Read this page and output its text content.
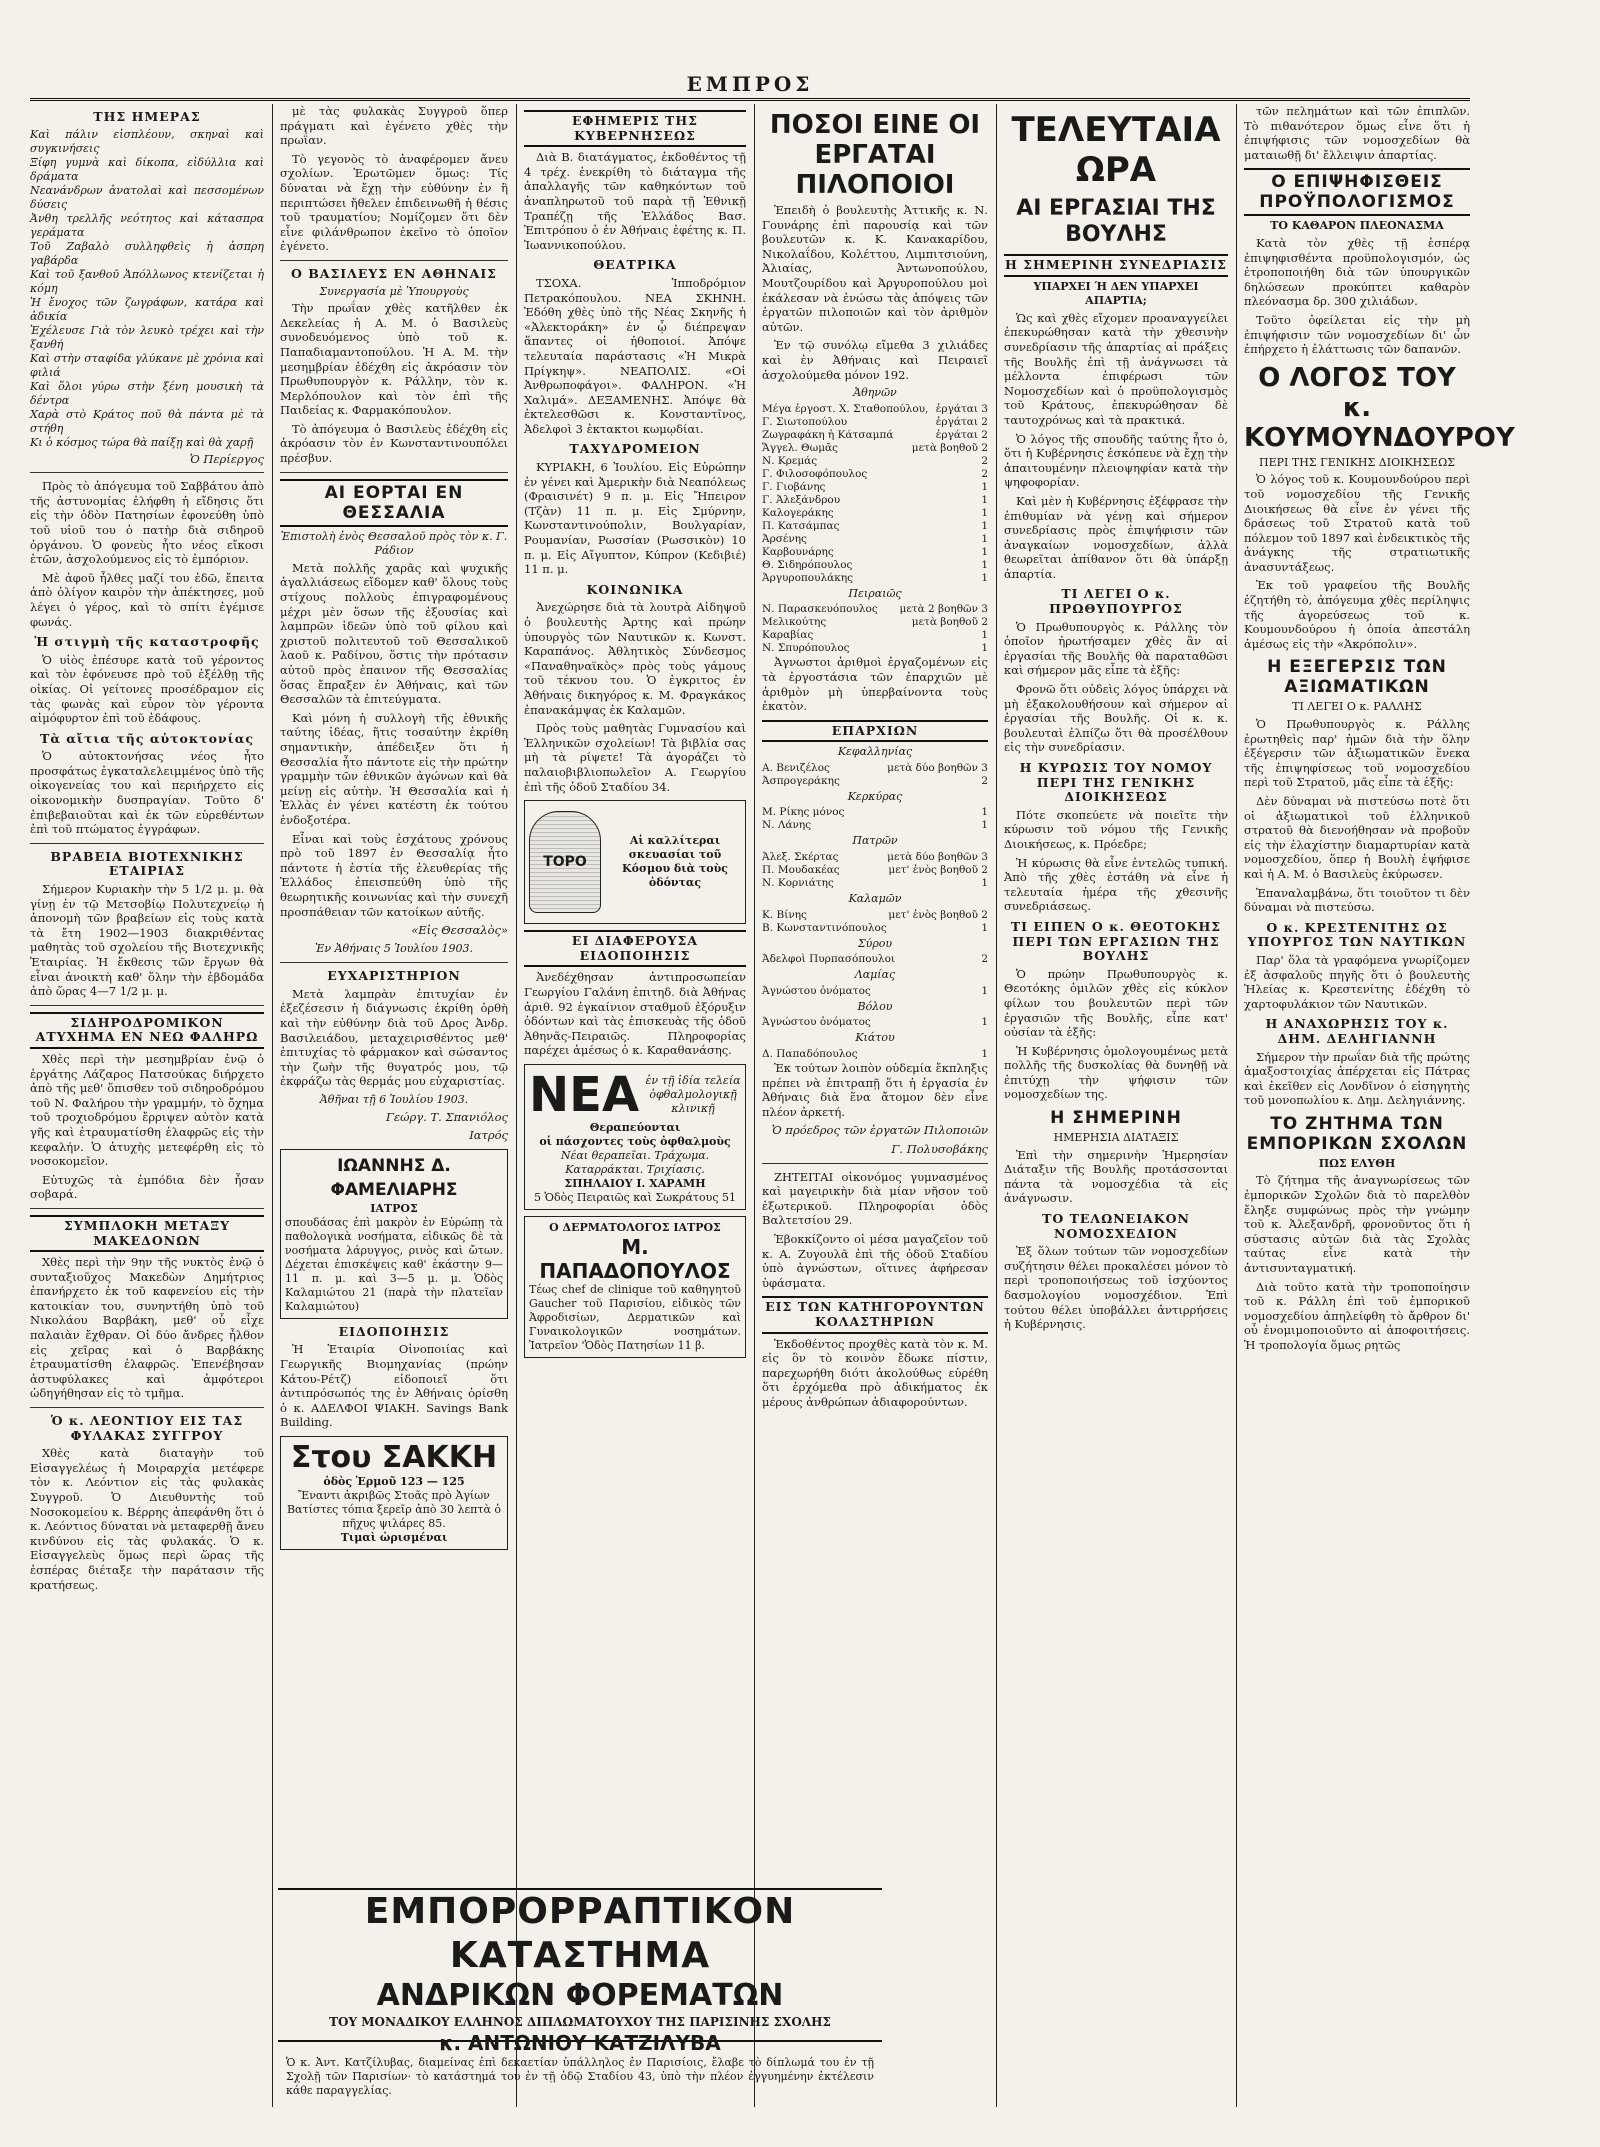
ΕΜΠΡΟΣ
ΤΗΣ ΗΜΕΡΑΣ
Καὶ πάλιν εἰσπλέουν, σκηναὶ καὶ συγκινήσεις
Ξίφη γυμνὰ καὶ δίκοπα, εἰδύλλια καὶ δράματα
Νεανάνδρων ἀνατολαὶ καὶ πεσσομένων δύσεις
Ἀνθη τρελλῆς νεότητος καὶ κάτασπρα γεράματα
Τοῦ Ζαβαλὸ συλληφθεὶς ἡ ἀσπρη γαβάρδα
Καὶ τοῦ ξανθοῦ Ἀπόλλωνος κτενίζεται ἡ κόμη
Ἡ ἔνοχος τῶν ζωγράφων, κατάρα καὶ ἀδικία
Ἐχέλευσε Γιὰ τὸν λευκὸ τρέχει καὶ τὴν ξανθή
Καὶ στὴν σταφίδα γλύκανε μὲ χρόνια καὶ φιλιά
Καὶ ὅλοι γύρω στὴν ξένη μουσικὴ τὰ δέντρα
Χαρὰ στὸ Κράτος ποῦ θὰ πάντα μὲ τὰ στήθη
Κι ὁ κόσμος τώρα θὰ παίξῃ καὶ θὰ χαρῇ
Ὁ Περίεργος

Πρὸς τὸ ἀπόγευμα τοῦ Σαββάτου ἀπὸ τῆς ἀστυνομίας ἐλήφθη ἡ εἴδησις ὅτι εἰς τὴν ὁδὸν Πατησίων ἐφονεύθη ὑπὸ τοῦ υἱοῦ του ὁ πατὴρ διὰ σιδηροῦ ὀργάνου. Ὁ φονεὺς ἦτο νέος εἴκοσι ἐτῶν, ἀσχολούμενος εἰς τὸ ἐμπόριον.

Μὲ ἀφοῦ ἦλθες μαζί του ἐδῶ, ἔπειτα ἀπὸ ὀλίγον καιρὸν τὴν ἀπέκτησες, μοῦ λέγει ὁ γέρος, καὶ τὸ σπίτι ἐγέμισε φωνάς.

Ἡ στιγμὴ τῆς καταστροφῆς

Ὁ υἱὸς ἐπέσυρε κατὰ τοῦ γέροντος καὶ τὸν ἐφόνευσε πρὸ τοῦ ἐξέλθῃ τῆς οἰκίας. Οἱ γείτονες προσέδραμον εἰς τὰς φωνὰς καὶ εὗρον τὸν γέροντα αἱμόφυρτον ἐπὶ τοῦ ἐδάφους.

Τὰ αἴτια τῆς αὐτοκτονίας

Ὁ αὐτοκτονήσας νέος ἦτο προσφάτως ἐγκαταλελειμμένος ὑπὸ τῆς οἰκογενείας του καὶ περιήρχετο εἰς οἰκονομικὴν δυσπραγίαν. Τοῦτο δ' ἐπιβεβαιοῦται καὶ ἐκ τῶν εὑρεθέντων ἐπὶ τοῦ πτώματος ἐγγράφων.

ΒΡΑΒΕΙΑ ΒΙΟΤΕΧΝΙΚΗΣ ΕΤΑΙΡΙΑΣ

Σήμερον Κυριακὴν τὴν 5 1/2 μ. μ. θὰ γίνῃ ἐν τῷ Μετσοβίῳ Πολυτεχνείῳ ἡ ἀπονομὴ τῶν βραβείων εἰς τοὺς κατὰ τὰ ἔτη 1902—1903 διακριθέντας μαθητὰς τοῦ σχολείου τῆς Βιοτεχνικῆς Ἑταιρίας. Ἡ ἔκθεσις τῶν ἔργων θὰ εἶναι ἀνοικτὴ καθ' ὅλην τὴν ἑβδομάδα ἀπὸ ὥρας 4—7 1/2 μ. μ.

ΣΙΔΗΡΟΔΡΟΜΙΚΟΝ ΑΤΥΧΗΜΑ ΕΝ ΝΕΩ ΦΑΛΗΡΩ

Χθὲς περὶ τὴν μεσημβρίαν ἐνῷ ὁ ἐργάτης Λάζαρος Πατσούκας διήρχετο ἀπὸ τῆς μεθ' ὅπισθεν τοῦ σιδηροδρόμου τοῦ Ν. Φαλήρου τὴν γραμμήν, τὸ ὄχημα τοῦ τροχιοδρόμου ἔρριψεν αὐτὸν κατὰ γῆς καὶ ἐτραυματίσθη ἐλαφρῶς εἰς τὴν κεφαλήν. Ὁ ἀτυχὴς μετεφέρθη εἰς τὸ νοσοκομεῖον.

Εὐτυχῶς τὰ ἐμπόδια δὲν ἦσαν σοβαρά.

ΣΥΜΠΛΟΚΗ ΜΕΤΑΞΥ ΜΑΚΕΔΟΝΩΝ

Χθὲς περὶ τὴν 9ην τῆς νυκτὸς ἐνῷ ὁ συνταξιοῦχος Μακεδὼν Δημήτριος ἐπανήρχετο ἐκ τοῦ καφενείου εἰς τὴν κατοικίαν του, συνηντήθη ὑπὸ τοῦ Νικολάου Βαρβάκη, μεθ' οὗ εἶχε παλαιὰν ἔχθραν. Οἱ δύο ἄνδρες ἦλθον εἰς χεῖρας καὶ ὁ Βαρβάκης ἐτραυματίσθη ἐλαφρῶς. Ἐπενέβησαν ἀστυφύλακες καὶ ἀμφότεροι ὡδηγήθησαν εἰς τὸ τμῆμα.

Ὁ κ. ΛΕΟΝΤΙΟΥ ΕΙΣ ΤΑΣ ΦΥΛΑΚΑΣ ΣΥΓΓΡΟΥ

Χθὲς κατὰ διαταγὴν τοῦ Εἰσαγγελέως ἡ Μοιραρχία μετέφερε τὸν κ. Λεόντιον εἰς τὰς φυλακὰς Συγγροῦ. Ὁ Διευθυντὴς τοῦ Νοσοκομείου κ. Βέρρης ἀπεφάνθη ὅτι ὁ κ. Λεόντιος δύναται νὰ μεταφερθῇ ἄνευ κινδύνου εἰς τὰς φυλακάς. Ὁ κ. Εἰσαγγελεὺς ὅμως περὶ ὥρας τῆς ἐσπέρας διέταξε τὴν παράτασιν τῆς κρατήσεως.

μὲ τὰς φυλακὰς Συγγροῦ ὅπερ πράγματι καὶ ἐγένετο χθὲς τὴν πρωΐαν.

Τὸ γεγονὸς τὸ ἀναφέρομεν ἄνευ σχολίων. Ἐρωτῶμεν ὅμως: Τίς δύναται νὰ ἔχῃ τὴν εὐθύνην ἐν ἢ περιπτώσει ἤθελεν ἐπιδεινωθῆ ἡ θέσις τοῦ τραυματίου; Νομίζομεν ὅτι δὲν εἶνε φιλάνθρωπον ἐκεῖνο τὸ ὁποῖον ἐγένετο.

Ο ΒΑΣΙΛΕΥΣ ΕΝ ΑΘΗΝΑΙΣ
Συνεργασία μὲ Ὑπουργοὺς

Τὴν πρωΐαν χθὲς κατῆλθεν ἐκ Δεκελείας ἡ Α. Μ. ὁ Βασιλεὺς συνοδευόμενος ὑπὸ τοῦ κ. Παπαδιαμαντοπούλου. Ἡ Α. Μ. τὴν μεσημβρίαν ἐδέχθη εἰς ἀκρόασιν τὸν Πρωθυπουργὸν κ. Ράλλην, τὸν κ. Μερλόπουλον καὶ τὸν ἐπὶ τῆς Παιδείας κ. Φαρμακόπουλον.

Τὸ ἀπόγευμα ὁ Βασιλεὺς ἐδέχθη εἰς ἀκρόασιν τὸν ἐν Κωνσταντινουπόλει πρέσβυν.

ΑΙ ΕΟΡΤΑΙ ΕΝ ΘΕΣΣΑΛΙΑ
Ἐπιστολὴ ἐνὸς Θεσσαλοῦ πρὸς τὸν κ. Γ. Ράδιον

Μετὰ πολλῆς χαρᾶς καὶ ψυχικῆς ἀγαλλιάσεως εἴδομεν καθ' ὅλους τοὺς στίχους πολλοὺς ἐπιγραφομένους μέχρι μὲν ὅσων τῆς ἐξουσίας καὶ λαμπρῶν ἰδεῶν ὑπὸ τοῦ φίλου καὶ χριστοῦ πολιτευτοῦ τοῦ Θεσσαλικοῦ λαοῦ κ. Ραδίνου, ὅστις τὴν πρότασιν αὐτοῦ πρὸς ἐπαινον τῆς Θεσσαλίας ὅσας ἔπραξεν ἐν Ἀθήναις, καὶ τῶν Θεσσαλῶν τὰ ἐπιτεύγματα.

Καὶ μόνη ἡ συλλογὴ τῆς ἐθνικῆς ταύτης ἰδέας, ἥτις τοσαύτην ἐκρίθη σημαντικὴν, ἀπέδειξεν ὅτι ἡ Θεσσαλία ἦτο πάντοτε εἰς τὴν πρώτην γραμμὴν τῶν ἐθνικῶν ἀγώνων καὶ θὰ μείνῃ εἰς αὐτὴν. Ἡ Θεσσαλία καὶ ἡ Ἑλλὰς ἐν γένει κατέστη ἐκ τούτου ἐνδοξοτέρα.

Εἶναι καὶ τοὺς ἐσχάτους χρόνους πρὸ τοῦ 1897 ἐν Θεσσαλίᾳ ἦτο πάντοτε ἡ ἑστία τῆς ἐλευθερίας τῆς Ἑλλάδος ἐπεισπεύθη ὑπὸ τῆς θεωρητικῆς κοινωνίας καὶ τὴν συνεχῆ προσπάθειαν τῶν κατοίκων αὐτῆς.

«Εἰς Θεσσαλὸς»
Ἐν Ἀθήναις 5 Ἰουλίου 1903.
ΕΥΧΑΡΙΣΤΗΡΙΟΝ

Μετὰ λαμπρὰν ἐπιτυχίαν ἐν ἐξεζέσεσιν ἡ διάγνωσις ἐκρίθη ὀρθὴ καὶ τὴν εὐθύνην διὰ τοῦ Δρος Ἀνδρ. Βασιλειάδου, μεταχειρισθέντος μεθ' ἐπιτυχίας τὸ φάρμακον καὶ σώσαντος τὴν ζωὴν τῆς θυγατρός μου, τῷ ἐκφράζω τὰς θερμάς μου εὐχαριστίας.

Ἀθῆναι τῇ 6 Ἰουλίου 1903.
Γεώργ. Τ. Σπανιόλος
Ιατρός
ΙΩΑΝΝΗΣ Δ. ΦΑΜΕΛΙΑΡΗΣ
ΙΑΤΡΟΣ
σπουδάσας ἐπὶ μακρὸν ἐν Εὐρώπῃ τὰ παθολογικὰ νοσήματα, εἰδικῶς δὲ τὰ νοσήματα λάρυγγος, ρινὸς καὶ ὤτων. Δέχεται ἐπισκέψεις καθ' ἑκάστην 9—11 π. μ. καὶ 3—5 μ. μ. Ὁδὸς Καλαμιώτου 21 (παρὰ τὴν πλατεῖαν Καλαμιώτου)
ΕΙΔΟΠΟΙΗΣΙΣ

Ἡ Ἑταιρία Οἰνοποιίας καὶ Γεωργικῆς Βιομηχανίας (πρώην Κάτου-Ρέτζ) εἰδοποιεῖ ὅτι ἀντιπρόσωπός της ἐν Ἀθήναις ὁρίσθη ὁ κ. ΑΔΕΛΦΟΙ ΨΙΑΚΗ. Savings Bank Building.

Στου ΣΑΚΚΗ
ὁδὸς Ἑρμοῦ 123 — 125
Ἔναντι ἀκριβῶς Στοᾶς πρὸ Ἀγίων
Βατίστες τόπια ξερεῖρ ἀπὸ 30 λεπτὰ ὁ πῆχυς ψιλάρες 85.
Τιμαὶ ὡρισμέναι
ΕΦΗΜΕΡΙΣ ΤΗΣ ΚΥΒΕΡΝΗΣΕΩΣ

Διὰ Β. διατάγματος, ἐκδοθέντος τῇ 4 τρέχ. ἐνεκρίθη τὸ διάταγμα τῆς ἀπαλλαγῆς τῶν καθηκόντων τοῦ ἀναπληρωτοῦ τοῦ παρὰ τῇ Ἐθνικῇ Τραπέζῃ τῆς Ἑλλάδος Βασ. Ἐπιτρόπου ὁ ἐν Ἀθήναις ἐφέτης κ. Π. Ἰωαννικοπούλου.

ΘΕΑΤΡΙΚΑ

ΤΣΟΧΑ. Ἱπποδρόμιον Πετρακόπουλου. ΝΕΑ ΣΚΗΝΗ. Ἐδόθη χθὲς ὑπὸ τῆς Νέας Σκηνῆς ἡ «Ἀλεκτοράκη» ἐν ᾧ διέπρεψαν ἅπαντες οἱ ἠθοποιοί. Ἀπόψε τελευταία παράστασις «Ἡ Μικρὰ Πρίγκηψ». ΝΕΑΠΟΛΙΣ. «Οἱ Ἀνθρωποφάγοι». ΦΑΛΗΡΟΝ. «Ἡ Χαλιμά». ΔΕΞΑΜΕΝΗΣ. Ἀπόψε θὰ ἐκτελεσθῶσι κ. Κονσταντῖνος, Ἀδελφοὶ 3 ἐκτακτοι κωμῳδίαι.

ΤΑΧΥΔΡΟΜΕΙΟΝ

ΚΥΡΙΑΚΗ, 6 Ἰουλίου. Εἰς Εὐρώπην ἐν γένει καὶ Ἀμερικὴν διὰ Νεαπόλεως (Φραισινέτ) 9 π. μ. Εἰς Ἤπειρον (Τζὰν) 11 π. μ. Εἰς Σμύρνην, Κωνσταντινούπολιν, Βουλγαρίαν, Ρουμανίαν, Ρωσσίαν (Ρωσσικὸν) 10 π. μ. Εἰς Αἴγυπτον, Κύπρον (Κεδιβιέ) 11 π. μ.

ΚΟΙΝΩΝΙΚΑ

Ἀνεχώρησε διὰ τὰ λουτρὰ Αἰδηψοῦ ὁ βουλευτὴς Ἀρτης καὶ πρώην ὑπουργὸς τῶν Ναυτικῶν κ. Κωνστ. Καραπάνος. Ἀθλητικὸς Σύνδεσμος «Παναθηναϊκὸς» πρὸς τοὺς γάμους τοῦ τέκνου του. Ὁ ἐγκριτος ἐν Ἀθήναις δικηγόρος κ. Μ. Φραγκάκος ἐπανακάμψας ἐκ Καλαμῶν.

Πρὸς τοὺς μαθητὰς Γυμνασίου καὶ Ἑλληνικῶν σχολείων! Τὰ βιβλία σας μὴ τὰ ρίψετε! Τὰ ἀγοράζει τὸ παλαιοβιβλιοπωλεῖον Α. Γεωργίου ἐπὶ τῆς ὁδοῦ Σταδίου 34.

ΤΟΡΟ
Αἱ καλλίτεραι σκευασίαι τοῦ Κόσμου διὰ τοὺς ὀδόντας
ΕΙ ΔΙΑΦΕΡΟΥΣΑ ΕΙΔΟΠΟΙΗΣΙΣ

Ἀνεδέχθησαν ἀντιπροσωπείαν Γεωργίου Γαλάνη ἐπιτηδ. διὰ Ἀθήνας ἀριθ. 92 ἐγκαίνιον σταθμοῦ ἐξόρυξιν ὀδόντων καὶ τὰς ἐπισκευὰς τῆς ὁδοῦ Ἀθηνᾶς-Πειραιῶς. Πληροφορίας παρέχει ἀμέσως ὁ κ. Καραθανάσης.

ΝΕΑ ἐν τῇ ἰδία τελεία ὀφθαλμολογικῇ κλινικῇ
Θεραπεύονται
οἱ πάσχοντες τοὺς ὀφθαλμοὺς
Νέαι θεραπεῖαι. Τράχωμα. Καταρράκται. Τριχίασις.
ΣΠΗΛΑΙΟΥ Ι. ΧΑΡΑΜΗ
5 Ὁδὸς Πειραιῶς καὶ Σωκράτους 51
Ο ΔΕΡΜΑΤΟΛΟΓΟΣ ΙΑΤΡΟΣ
Μ. ΠΑΠΑΔΟΠΟΥΛΟΣ
Τέως chef de clinique τοῦ καθηγητοῦ Gaucher τοῦ Παρισίου, εἰδικὸς τῶν Ἀφροδισίων, Δερματικῶν καὶ Γυναικολογικῶν νοσημάτων. Ἰατρεῖον 'Ὁδὸς Πατησίων 11 β.
ΠΟΣΟΙ ΕΙΝΕ ΟΙ ΕΡΓΑΤΑΙ ΠΙΛΟΠΟΙΟΙ

Ἐπειδὴ ὁ βουλευτὴς Ἀττικῆς κ. Ν. Γουνάρης ἐπὶ παρουσίᾳ καὶ τῶν βουλευτῶν κ. Κ. Κανακαρίδου, Νικολαΐδου, Κολέττου, Λιμπιτσιούνη, Ἀλιαίας, Ἀντωνοπούλου, Μουτζουρίδου καὶ Ἀργυροπούλου μοὶ ἐκάλεσαν νὰ ἐνώσω τὰς ἀπόψεις τῶν ἐργατῶν πιλοποιῶν καὶ τὸν ἀριθμὸν αὐτῶν.

Ἐν τῷ συνόλῳ εἴμεθα 3 χιλιάδες καὶ ἐν Ἀθήναις καὶ Πειραιεῖ ἀσχολούμεθα μόνον 192.

Ἀθηνῶν
Μέγα ἐργοστ. Χ. Σταθοπούλου, ἐργάται 3
Γ. Σιωτοπούλου	ἐργάται 2
Ζωγραφάκη ἡ Κάτσαμπά	ἐργάται 2
Ἄγγελ. Θωμᾶς	μετὰ βοηθοῦ 2
Ν. Κρεμάς	2
Γ. Φιλοσοφόπουλος	2
Γ. Γιοβάνης	1
Γ. Ἀλεξάνδρου	1
Καλογεράκης	1
Π. Κατσάμπας	1
Ἀρσένης	1
Καρβουνάρης	1
Θ. Σιδηρόπουλος	1
Ἀργυροπουλάκης	1
Πειραιῶς
Ν. Παρασκευόπουλος μετὰ 2 βοηθῶν 3
Μελικούτης	μετὰ βοηθοῦ 2
Καραβίας	1
Ν. Σπυρόπουλος	1

Ἀγνωστοι ἀριθμοὶ ἐργαζομένων εἰς τὰ ἐργοστάσια τῶν ἐπαρχιῶν μὲ ἀριθμὸν μὴ ὑπερβαίνοντα τοὺς ἑκατὸν.

ΕΠΑΡΧΙΩΝ
Κεφαλληνίας
Α. Βενιζέλος	μετὰ δύο βοηθῶν 3
Ἀσπρογεράκης	2
Κερκύρας
Μ. Ρίκης μόνος	1
Ν. Λάνης	1
Πατρῶν
Ἀλεξ. Σκέρτας	μετὰ δύο βοηθῶν 3
Π. Μουδακέας	μετ' ἑνὸς βοηθοῦ 2
Ν. Κορνιάτης	1
Καλαμῶν
Κ. Βίνης	μετ' ἑνὸς βοηθοῦ 2
Β. Κωνσταντινόπουλος	1
Σύρου
Ἀδελφοὶ Πυρπασόπουλοι	2
Λαμίας
Ἀγνώστου ὀνόματος	1
Βόλου
Ἀγνώστου ὀνόματος	1
Κιάτου
Δ. Παπαδόπουλος	1

Ἐκ τούτων λοιπὸν οὐδεμία ἔκπληξις πρέπει νὰ ἐπιτραπῇ ὅτι ἡ ἐργασία ἐν Ἀθήναις διὰ ἕνα ἄτομον δὲν εἶνε πλέον ἀρκετή.

Ὁ πρόεδρος τῶν ἐργατῶν Πιλοποιῶν
Γ. Πολυσοβάκης

ΖΗΤΕΙΤΑΙ οἰκονόμος γυμνασμένος καὶ μαγειρικὴν διὰ μίαν νῆσον τοῦ ἐξωτερικοῦ. Πληροφορίαι ὁδὸς Βαλτετσίου 29.

Ἐβοκκίζοντο οἱ μέσα μαγαζεῖον τοῦ κ. Α. Ζυγουλᾶ ἐπὶ τῆς ὁδοῦ Σταδίου ὑπὸ ἀγνώστων, οἵτινες ἀφήρεσαν ὑφάσματα.

ΕΙΣ ΤΩΝ ΚΑΤΗΓΟΡΟΥΝΤΩΝ ΚΟΛΑΣΤΗΡΙΩΝ

Ἐκδοθέντος προχθὲς κατὰ τὸν κ. Μ. εἰς ὃν τὸ κοινὸν ἔδωκε πίστιν, παρεχωρήθη διότι ἀκολούθως εὑρέθη ὅτι ἐρχόμεθα πρὸ ἀδικήματος ἐκ μέρους ἀνθρώπων ἀδιαφορούντων.

ΤΕΛΕΥΤΑΙΑ ΩΡΑ
ΑΙ ΕΡΓΑΣΙΑΙ ΤΗΣ ΒΟΥΛΗΣ
Η ΣΗΜΕΡΙΝΗ ΣΥΝΕΔΡΙΑΣΙΣ
ΥΠΑΡΧΕΙ Ή ΔΕΝ ΥΠΑΡΧΕΙ ΑΠΑΡΤΙΑ;

Ὡς καὶ χθὲς εἴχομεν προαναγγείλει ἐπεκυρώθησαν κατὰ τὴν χθεσινὴν συνεδρίασιν τῆς ἀπαρτίας αἱ πράξεις τῆς Βουλῆς ἐπὶ τῇ ἀνάγνωσει τὰ μέλλοντα ἐπιφέρωσι τῶν Νομοσχεδίων καὶ ὁ προϋπολογισμὸς τοῦ Κράτους, ἐπεκυρώθησαν δὲ ταυτοχρόνως καὶ τὰ πρακτικά.

Ὁ λόγος τῆς σπουδῆς ταύτης ἦτο ὁ, ὅτι ἡ Κυβέρνησις ἐσκόπευε νὰ ἔχῃ τὴν ἀπαιτουμένην πλειοψηφίαν κατὰ τὴν ψηφοφορίαν.

Καὶ μὲν ἡ Κυβέρνησις ἐξέφρασε τὴν ἐπιθυμίαν νὰ γένῃ καὶ σήμερον συνεδρίασις πρὸς ἐπιψήφισιν τῶν ἀναγκαίων νομοσχεδίων, ἀλλὰ θεωρεῖται ἀπίθανον ὅτι θὰ ὑπάρξῃ ἀπαρτία.

ΤΙ ΛΕΓΕΙ Ο κ. ΠΡΩΘΥΠΟΥΡΓΟΣ

Ὁ Πρωθυπουργὸς κ. Ράλλης τὸν ὁποῖον ἠρωτήσαμεν χθὲς ἂν αἱ ἐργασίαι τῆς Βουλῆς θὰ παραταθῶσι καὶ σήμερον μᾶς εἶπε τὰ ἑξῆς:

Φρονῶ ὅτι οὐδεὶς λόγος ὑπάρχει νὰ μὴ ἐξακολουθήσουν καὶ σήμερον αἱ ἐργασίαι τῆς Βουλῆς. Οἱ κ. κ. βουλευταὶ ἐλπίζω ὅτι θὰ προσέλθουν εἰς τὴν συνεδρίασιν.

Η ΚΥΡΩΣΙΣ ΤΟΥ ΝΟΜΟΥ ΠΕΡΙ ΤΗΣ ΓΕΝΙΚΗΣ ΔΙΟΙΚΗΣΕΩΣ

Πότε σκοπεύετε νὰ ποιεῖτε τὴν κύρωσιν τοῦ νόμου τῆς Γενικῆς Διοικήσεως, κ. Πρόεδρε;

Ἡ κύρωσις θὰ εἶνε ἐντελῶς τυπική. Ἀπὸ τῆς χθὲς ἐστάθη νὰ εἶνε ἡ τελευταία ἡμέρα τῆς χθεσινῆς συνεδριάσεως.

ΤΙ ΕΙΠΕΝ Ο κ. ΘΕΟΤΟΚΗΣ ΠΕΡΙ ΤΩΝ ΕΡΓΑΣΙΩΝ ΤΗΣ ΒΟΥΛΗΣ

Ὁ πρώην Πρωθυπουργὸς κ. Θεοτόκης ὁμιλῶν χθὲς εἰς κύκλον φίλων του βουλευτῶν περὶ τῶν ἐργασιῶν τῆς Βουλῆς, εἶπε κατ' οὐσίαν τὰ ἑξῆς:

Ἡ Κυβέρνησις ὁμολογουμένως μετὰ πολλῆς τῆς δυσκολίας θὰ δυνηθῇ νὰ ἐπιτύχῃ τὴν ψήφισιν τῶν νομοσχεδίων της.

Η ΣΗΜΕΡΙΝΗ
ΗΜΕΡΗΣΙΑ ΔΙΑΤΑΞΙΣ

Ἐπὶ τὴν σημερινὴν Ἡμερησίαν Διάταξιν τῆς Βουλῆς προτάσσονται πάντα τὰ νομοσχέδια τὰ εἰς ἀνάγνωσιν.

ΤΟ ΤΕΛΩΝΕΙΑΚΟΝ ΝΟΜΟΣΧΕΔΙΟΝ

Ἐξ ὅλων τούτων τῶν νομοσχεδίων συζήτησιν θέλει προκαλέσει μόνον τὸ περὶ τροποποιήσεως τοῦ ἰσχύοντος δασμολογίου νομοσχέδιον. Ἐπὶ τούτου θέλει ὑποβάλλει ἀντιρρήσεις ἡ Κυβέρνησις.

τῶν πελημάτων καὶ τῶν ἐπιπλῶν. Τὸ πιθανότερον ὅμως εἶνε ὅτι ἡ ἐπιψήφισις τῶν νομοσχεδίων θὰ ματαιωθῇ δι' ἔλλειψιν ἀπαρτίας.

Ο ΕΠΙΨΗΦΙΣΘΕΙΣ ΠΡΟΫΠΟΛΟΓΙΣΜΟΣ
ΤΟ ΚΑΘΑΡΟΝ ΠΛΕΟΝΑΣΜΑ

Κατὰ τὸν χθὲς τῇ ἑσπέρᾳ ἐπιψηφισθέντα προϋπολογισμόν, ὡς ἐτροποποιήθη διὰ τῶν ὑπουργικῶν δηλώσεων προκύπτει καθαρὸν πλεόνασμα δρ. 300 χιλιάδων.

Τοῦτο ὀφείλεται εἰς τὴν μὴ ἐπιψήφισιν τῶν νομοσχεδίων δι' ὧν ἐπήρχετο ἡ ἐλάττωσις τῶν δαπανῶν.

Ο ΛΟΓΟΣ ΤΟΥ κ. ΚΟΥΜΟΥΝΔΟΥΡΟΥ
ΠΕΡΙ ΤΗΣ ΓΕΝΙΚΗΣ ΔΙΟΙΚΗΣΕΩΣ

Ὁ λόγος τοῦ κ. Κουμουνδούρου περὶ τοῦ νομοσχεδίου τῆς Γενικῆς Διοικήσεως θὰ εἶνε ἐν γένει τῆς δράσεως τοῦ Στρατοῦ κατὰ τοῦ πόλεμον τοῦ 1897 καὶ ἐνδεικτικὸς τῆς ἀνάγκης τῆς στρατιωτικῆς ἀνασυντάξεως.

Ἐκ τοῦ γραφείου τῆς Βουλῆς ἐζητήθη τὸ, ἀπόγευμα χθὲς περίληψις τῆς ἀγορεύσεως τοῦ κ. Κουμουνδούρου ἡ ὁποία ἀπεστάλη ἀμέσως εἰς τὴν «Ἀκρόπολιν».

Η ΕΞΕΓΕΡΣΙΣ ΤΩΝ ΑΞΙΩΜΑΤΙΚΩΝ
ΤΙ ΛΕΓΕΙ Ο κ. ΡΑΛΛΗΣ

Ὁ Πρωθυπουργὸς κ. Ράλλης ἐρωτηθεὶς παρ' ἡμῶν διὰ τὴν ὅλην ἐξέγερσιν τῶν ἀξιωματικῶν ἕνεκα τῆς ἐπιψηφίσεως τοῦ νομοσχεδίου περὶ τοῦ Στρατοῦ, μᾶς εἶπε τὰ ἑξῆς:

Δὲν δύναμαι νὰ πιστεύσω ποτὲ ὅτι οἱ ἀξιωματικοὶ τοῦ ἑλληνικοῦ στρατοῦ θὰ διενοήθησαν νὰ προβοῦν εἰς τὴν ἐλαχίστην διαμαρτυρίαν κατὰ νομοσχεδίου, ὅπερ ἡ Βουλὴ ἐψήφισε καὶ ἡ Α. Μ. ὁ Βασιλεὺς ἐκύρωσεν.

Ἐπαναλαμβάνω, ὅτι τοιοῦτον τι δὲν δύναμαι νὰ πιστεύσω.

Ο κ. ΚΡΕΣΤΕΝΙΤΗΣ ΩΣ ΥΠΟΥΡΓΟΣ ΤΩΝ ΝΑΥΤΙΚΩΝ

Παρ' ὅλα τὰ γραφόμενα γνωρίζομεν ἐξ ἀσφαλοῦς πηγῆς ὅτι ὁ βουλευτὴς Ἠλείας κ. Κρεστενίτης ἐδέχθη τὸ χαρτοφυλάκιον τῶν Ναυτικῶν.

Η ΑΝΑΧΩΡΗΣΙΣ ΤΟΥ κ. ΔΗΜ. ΔΕΛΗΓΙΑΝΝΗ

Σήμερον τὴν πρωΐαν διὰ τῆς πρώτης ἀμαξοστοιχίας ἀπέρχεται εἰς Πάτρας καὶ ἐκεῖθεν εἰς Λονδῖνον ὁ εἰσηγητὴς τοῦ μονοπωλίου κ. Δημ. Δεληγιάννης.

ΤΟ ΖΗΤΗΜΑ ΤΩΝ ΕΜΠΟΡΙΚΩΝ ΣΧΟΛΩΝ
ΠΩΣ ΕΛΥΘΗ

Τὸ ζήτημα τῆς ἀναγνωρίσεως τῶν ἐμπορικῶν Σχολῶν διὰ τὸ παρελθὸν ἔληξε συμφώνως πρὸς τὴν γνώμην τοῦ κ. Ἀλεξανδρῆ, φρονοῦντος ὅτι ἡ σύστασις αὐτῶν διὰ τὰς Σχολὰς ταύτας εἶνε κατὰ τὴν ἀντισυνταγματική.

Διὰ τοῦτο κατὰ τὴν τροποποίησιν τοῦ κ. Ράλλη ἐπὶ τοῦ ἐμπορικοῦ νομοσχεδίου ἀπηλείφθη τὸ ἄρθρον δι' οὗ ἐνομιμοποιοῦντο αἱ ἀποφοιτήσεις. Ἡ τροπολογία ὅμως ρητῶς

ΕΜΠΟΡΟΡΡΑΠΤΙΚΟΝ ΚΑΤΑΣΤΗΜΑ
ΑΝΔΡΙΚΩΝ ΦΟΡΕΜΑΤΩΝ
ΤΟΥ ΜΟΝΑΔΙΚΟΥ ΕΛΛΗΝΟΣ ΔΙΠΛΩΜΑΤΟΥΧΟΥ ΤΗΣ ΠΑΡΙΣΙΝΗΣ ΣΧΟΛΗΣ
κ. ΑΝΤΩΝΙΟΥ ΚΑΤΖΙΛΥΒΑ
Ὁ κ. Ἀντ. Κατζίλυβας, διαμείνας ἐπὶ δεκαετίαν ὑπάλληλος ἐν Παρισίοις, ἔλαβε τὸ δίπλωμά του ἐν τῇ Σχολῇ τῶν Παρισίων· τὸ κατάστημά του ἐν τῇ ὁδῷ Σταδίου 43, ὑπὸ τὴν πλέον ἐγγυημένην ἐκτέλεσιν κάθε παραγγελίας.
